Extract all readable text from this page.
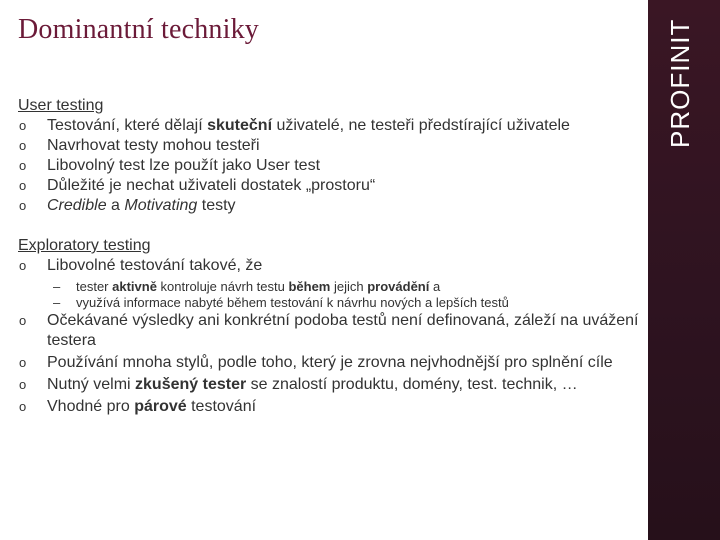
Dominantní techniky	PROFINIT
User testing
o Testování, které dělají skuteční uživatelé, ne testeři předstírající uživatele
o Navrhovat testy mohou testeři
o Libovolný test lze použít jako User test
o Důležité je nechat uživateli dostatek „prostoru“
o Credible a Motivating testy
Exploratory testing
o Libovolné testování takové, že
– tester aktivně kontroluje návrh testu během jejich provádění a
– využívá informace nabyté během testování k návrhu nových a lepších testů
o Očekávané výsledky ani konkrétní podoba testů není definovaná, záleží na uvážení testera
o Používání mnoha stylů, podle toho, který je zrovna nejvhodnější pro splnění cíle
o Nutný velmi zkušený tester se znalostí produktu, domény, test. technik, …
o Vhodné pro párové testování
